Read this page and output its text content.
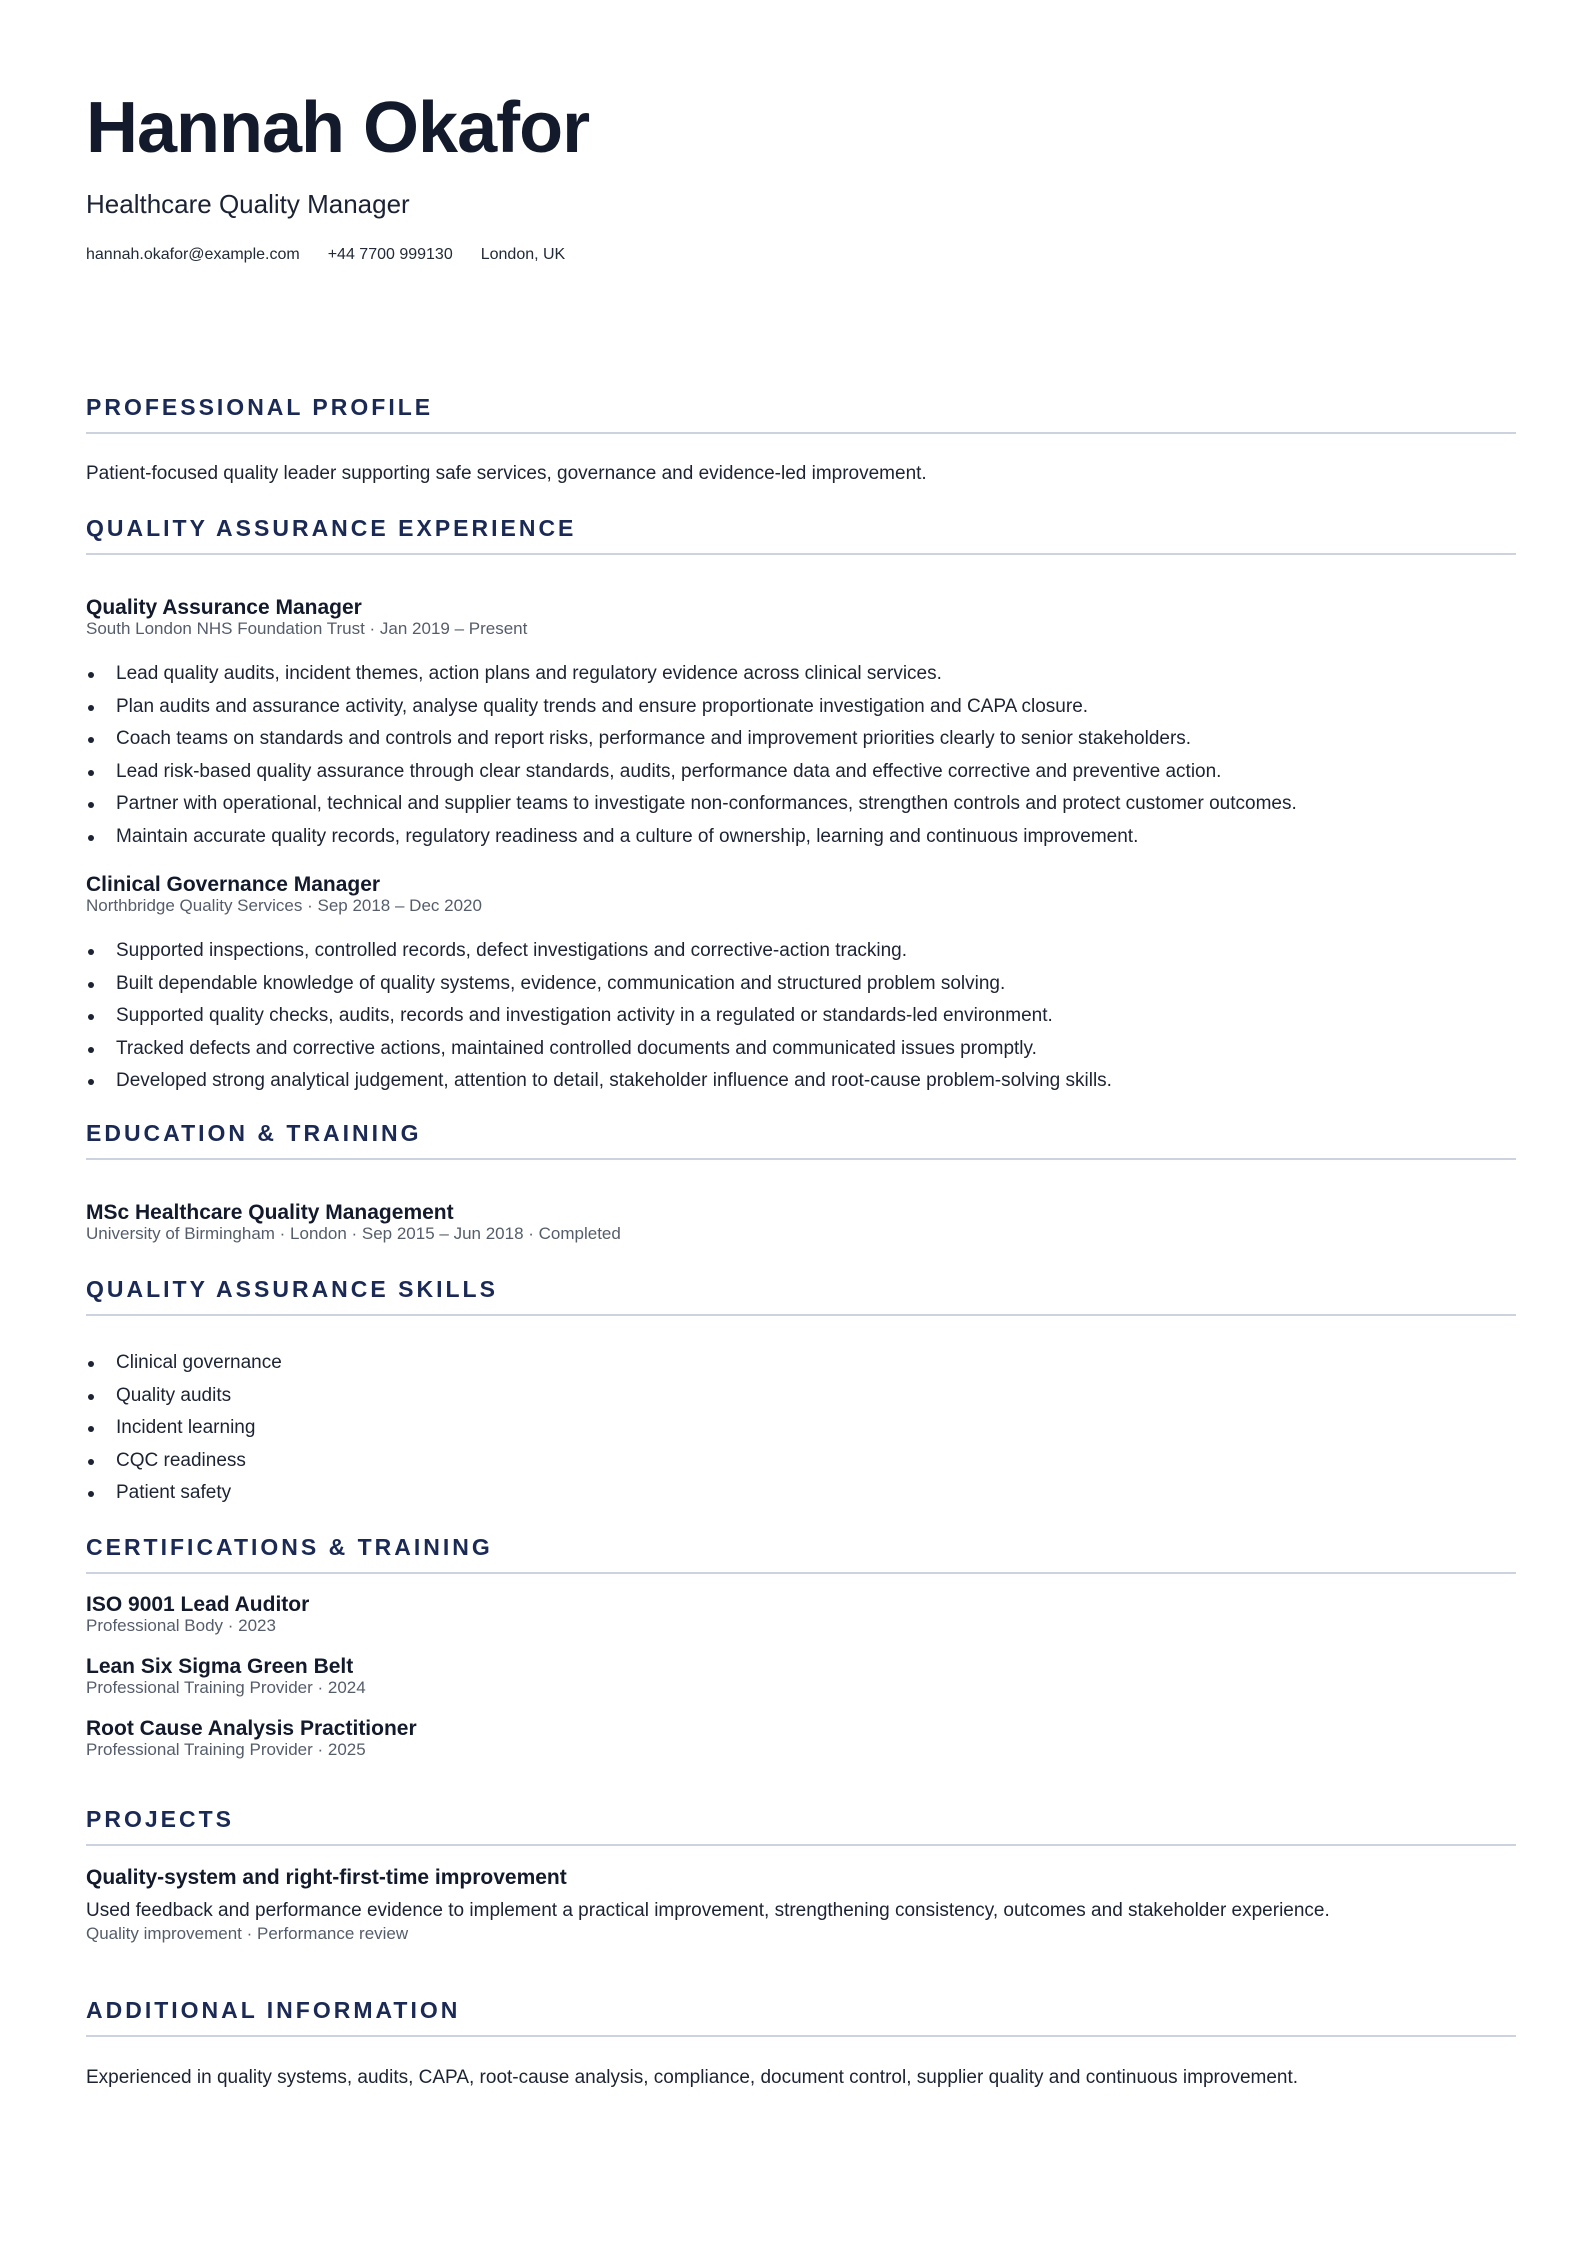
Hannah Okafor
Healthcare Quality Manager
hannah.okafor@example.com +44 7700 999130 London, UK
PROFESSIONAL PROFILE
Patient-focused quality leader supporting safe services, governance and evidence-led improvement.
QUALITY ASSURANCE EXPERIENCE
Quality Assurance Manager
South London NHS Foundation Trust · Jan 2019 – Present
Lead quality audits, incident themes, action plans and regulatory evidence across clinical services.
Plan audits and assurance activity, analyse quality trends and ensure proportionate investigation and CAPA closure.
Coach teams on standards and controls and report risks, performance and improvement priorities clearly to senior stakeholders.
Lead risk-based quality assurance through clear standards, audits, performance data and effective corrective and preventive action.
Partner with operational, technical and supplier teams to investigate non-conformances, strengthen controls and protect customer outcomes.
Maintain accurate quality records, regulatory readiness and a culture of ownership, learning and continuous improvement.
Clinical Governance Manager
Northbridge Quality Services · Sep 2018 – Dec 2020
Supported inspections, controlled records, defect investigations and corrective-action tracking.
Built dependable knowledge of quality systems, evidence, communication and structured problem solving.
Supported quality checks, audits, records and investigation activity in a regulated or standards-led environment.
Tracked defects and corrective actions, maintained controlled documents and communicated issues promptly.
Developed strong analytical judgement, attention to detail, stakeholder influence and root-cause problem-solving skills.
EDUCATION & TRAINING
MSc Healthcare Quality Management
University of Birmingham · London · Sep 2015 – Jun 2018 · Completed
QUALITY ASSURANCE SKILLS
Clinical governance
Quality audits
Incident learning
CQC readiness
Patient safety
CERTIFICATIONS & TRAINING
ISO 9001 Lead Auditor
Professional Body · 2023
Lean Six Sigma Green Belt
Professional Training Provider · 2024
Root Cause Analysis Practitioner
Professional Training Provider · 2025
PROJECTS
Quality-system and right-first-time improvement
Used feedback and performance evidence to implement a practical improvement, strengthening consistency, outcomes and stakeholder experience.
Quality improvement · Performance review
ADDITIONAL INFORMATION
Experienced in quality systems, audits, CAPA, root-cause analysis, compliance, document control, supplier quality and continuous improvement.
